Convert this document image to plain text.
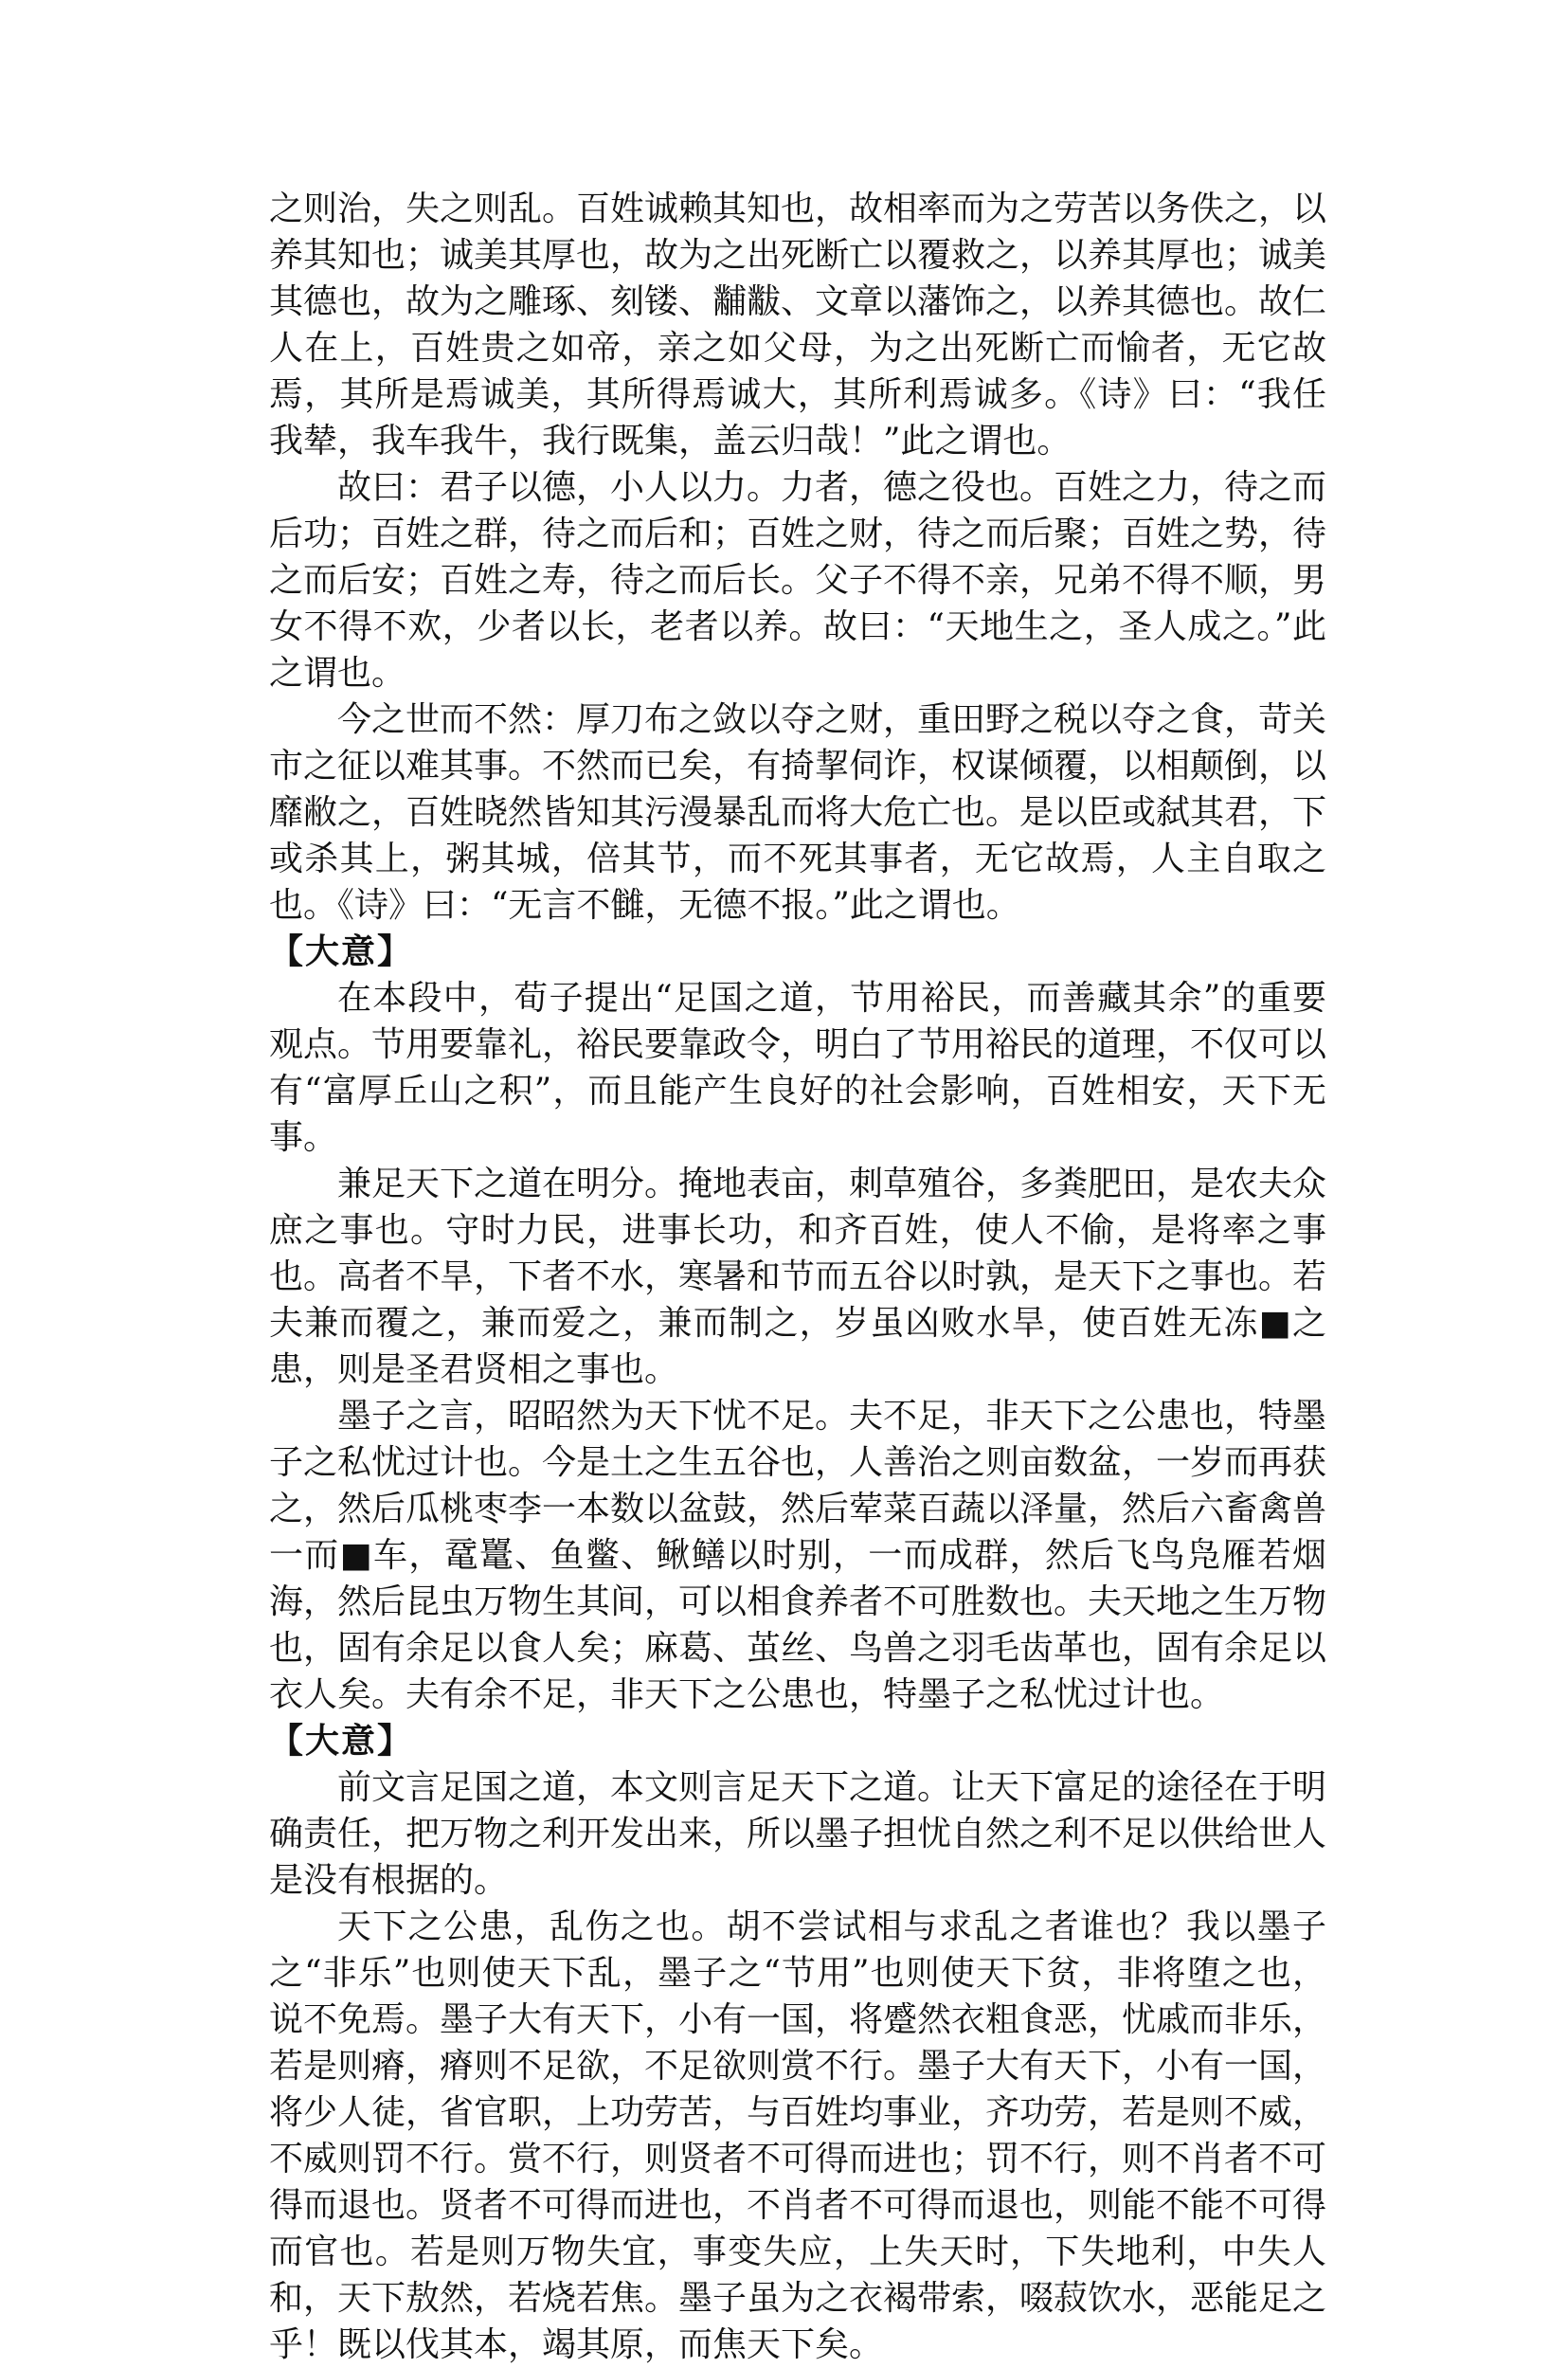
之则治，失之则乱。百姓诚赖其知也，故相率而为之劳苦以务佚之，以养其知也；诚美其厚也，故为之出死断亡以覆救之，以养其厚也；诚美其德也，故为之雕琢、刻镂、黼黻、文章以藩饰之，以养其德也。故仁人在上，百姓贵之如帝，亲之如父母，为之出死断亡而愉者，无它故焉，其所是焉诚美，其所得焉诚大，其所利焉诚多。《诗》曰：“我任我辇，我车我牛，我行既集，盖云归哉！”此之谓也。

故曰：君子以德，小人以力。力者，德之役也。百姓之力，待之而后功；百姓之群，待之而后和；百姓之财，待之而后聚；百姓之势，待之而后安；百姓之寿，待之而后长。父子不得不亲，兄弟不得不顺，男女不得不欢，少者以长，老者以养。故曰：“天地生之，圣人成之。”此之谓也。

今之世而不然：厚刀布之敛以夺之财，重田野之税以夺之食，苛关市之征以难其事。不然而已矣，有掎挈伺诈，权谋倾覆，以相颠倒，以靡敝之，百姓晓然皆知其污漫暴乱而将大危亡也。是以臣或弑其君，下或杀其上，粥其城，倍其节，而不死其事者，无它故焉，人主自取之也。《诗》曰：“无言不雠，无德不报。”此之谓也。

【大意】

在本段中，荀子提出“足国之道，节用裕民，而善藏其余”的重要观点。节用要靠礼，裕民要靠政令，明白了节用裕民的道理，不仅可以有“富厚丘山之积”，而且能产生良好的社会影响，百姓相安，天下无事。

兼足天下之道在明分。掩地表亩，刺草殖谷，多粪肥田，是农夫众庶之事也。守时力民，进事长功，和齐百姓，使人不偷，是将率之事也。高者不旱，下者不水，寒暑和节而五谷以时孰，是天下之事也。若夫兼而覆之，兼而爱之，兼而制之，岁虽凶败水旱，使百姓无冻■之患，则是圣君贤相之事也。

墨子之言，昭昭然为天下忧不足。夫不足，非天下之公患也，特墨子之私忧过计也。今是土之生五谷也，人善治之则亩数盆，一岁而再获之，然后瓜桃枣李一本数以盆鼓，然后荤菜百蔬以泽量，然后六畜禽兽一而■车，鼋鼍、鱼鳖、鳅鳝以时别，一而成群，然后飞鸟凫雁若烟海，然后昆虫万物生其间，可以相食养者不可胜数也。夫天地之生万物也，固有余足以食人矣；麻葛、茧丝、鸟兽之羽毛齿革也，固有余足以衣人矣。夫有余不足，非天下之公患也，特墨子之私忧过计也。

【大意】

前文言足国之道，本文则言足天下之道。让天下富足的途径在于明确责任，把万物之利开发出来，所以墨子担忧自然之利不足以供给世人是没有根据的。

天下之公患，乱伤之也。胡不尝试相与求乱之者谁也？我以墨子之“非乐”也则使天下乱，墨子之“节用”也则使天下贫，非将堕之也，说不免焉。墨子大有天下，小有一国，将蹙然衣粗食恶，忧戚而非乐，若是则瘠，瘠则不足欲，不足欲则赏不行。墨子大有天下，小有一国，将少人徒，省官职，上功劳苦，与百姓均事业，齐功劳，若是则不威，不威则罚不行。赏不行，则贤者不可得而进也；罚不行，则不肖者不可得而退也。贤者不可得而进也，不肖者不可得而退也，则能不能不可得而官也。若是则万物失宜，事变失应，上失天时，下失地利，中失人和，天下敖然，若烧若焦。墨子虽为之衣褐带索，啜菽饮水，恶能足之乎！既以伐其本，竭其原，而焦天下矣。
